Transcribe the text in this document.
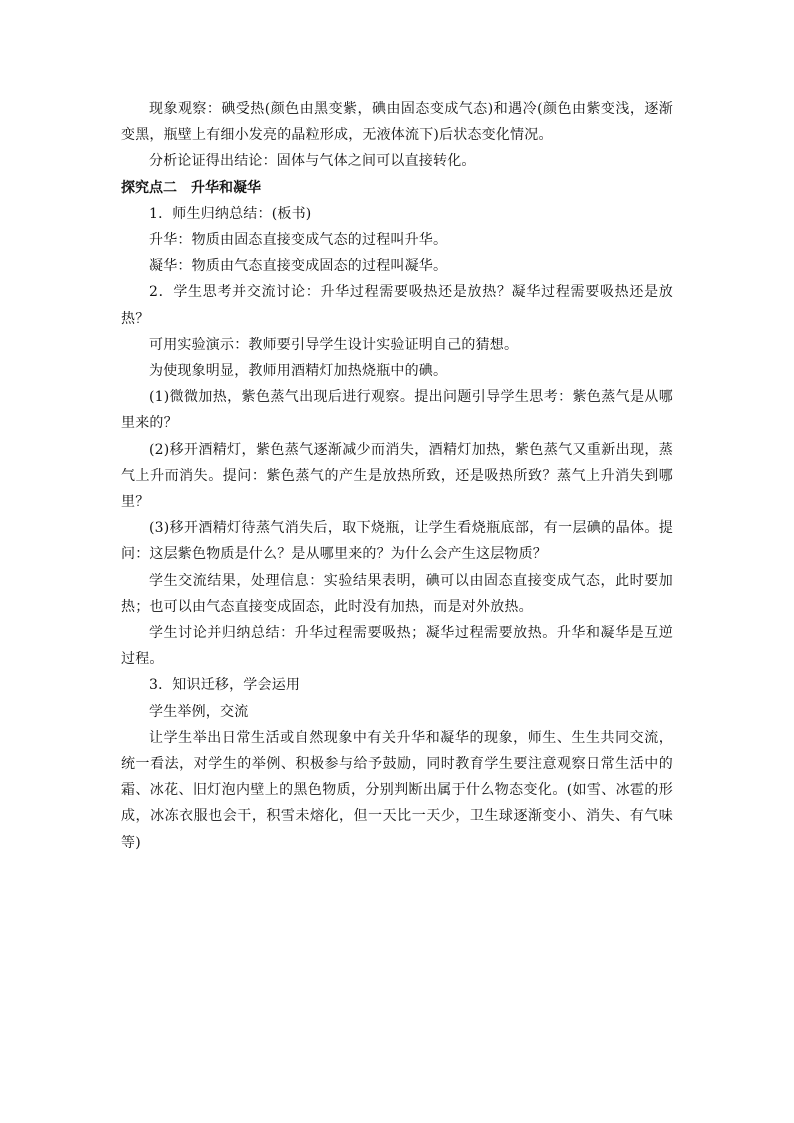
现象观察：碘受热(颜色由黑变紫，碘由固态变成气态)和遇冷(颜色由紫变浅，逐渐变黑，瓶壁上有细小发亮的晶粒形成，无液体流下)后状态变化情况。

分析论证得出结论：固体与气体之间可以直接转化。

探究点二　升华和凝华

1．师生归纳总结：(板书)

升华：物质由固态直接变成气态的过程叫升华。

凝华：物质由气态直接变成固态的过程叫凝华。

2．学生思考并交流讨论：升华过程需要吸热还是放热？凝华过程需要吸热还是放热？

可用实验演示：教师要引导学生设计实验证明自己的猜想。

为使现象明显，教师用酒精灯加热烧瓶中的碘。

(1)微微加热，紫色蒸气出现后进行观察。提出问题引导学生思考：紫色蒸气是从哪里来的？

(2)移开酒精灯，紫色蒸气逐渐减少而消失，酒精灯加热，紫色蒸气又重新出现，蒸气上升而消失。提问：紫色蒸气的产生是放热所致，还是吸热所致？蒸气上升消失到哪里？

(3)移开酒精灯待蒸气消失后，取下烧瓶，让学生看烧瓶底部，有一层碘的晶体。提问：这层紫色物质是什么？是从哪里来的？为什么会产生这层物质？

学生交流结果，处理信息：实验结果表明，碘可以由固态直接变成气态，此时要加热；也可以由气态直接变成固态，此时没有加热，而是对外放热。

学生讨论并归纳总结：升华过程需要吸热；凝华过程需要放热。升华和凝华是互逆过程。

3．知识迁移，学会运用

学生举例，交流

让学生举出日常生活或自然现象中有关升华和凝华的现象，师生、生生共同交流，统一看法，对学生的举例、积极参与给予鼓励，同时教育学生要注意观察日常生活中的霜、冰花、旧灯泡内壁上的黑色物质，分别判断出属于什么物态变化。(如雪、冰雹的形成，冰冻衣服也会干，积雪未熔化，但一天比一天少，卫生球逐渐变小、消失、有气味等)
